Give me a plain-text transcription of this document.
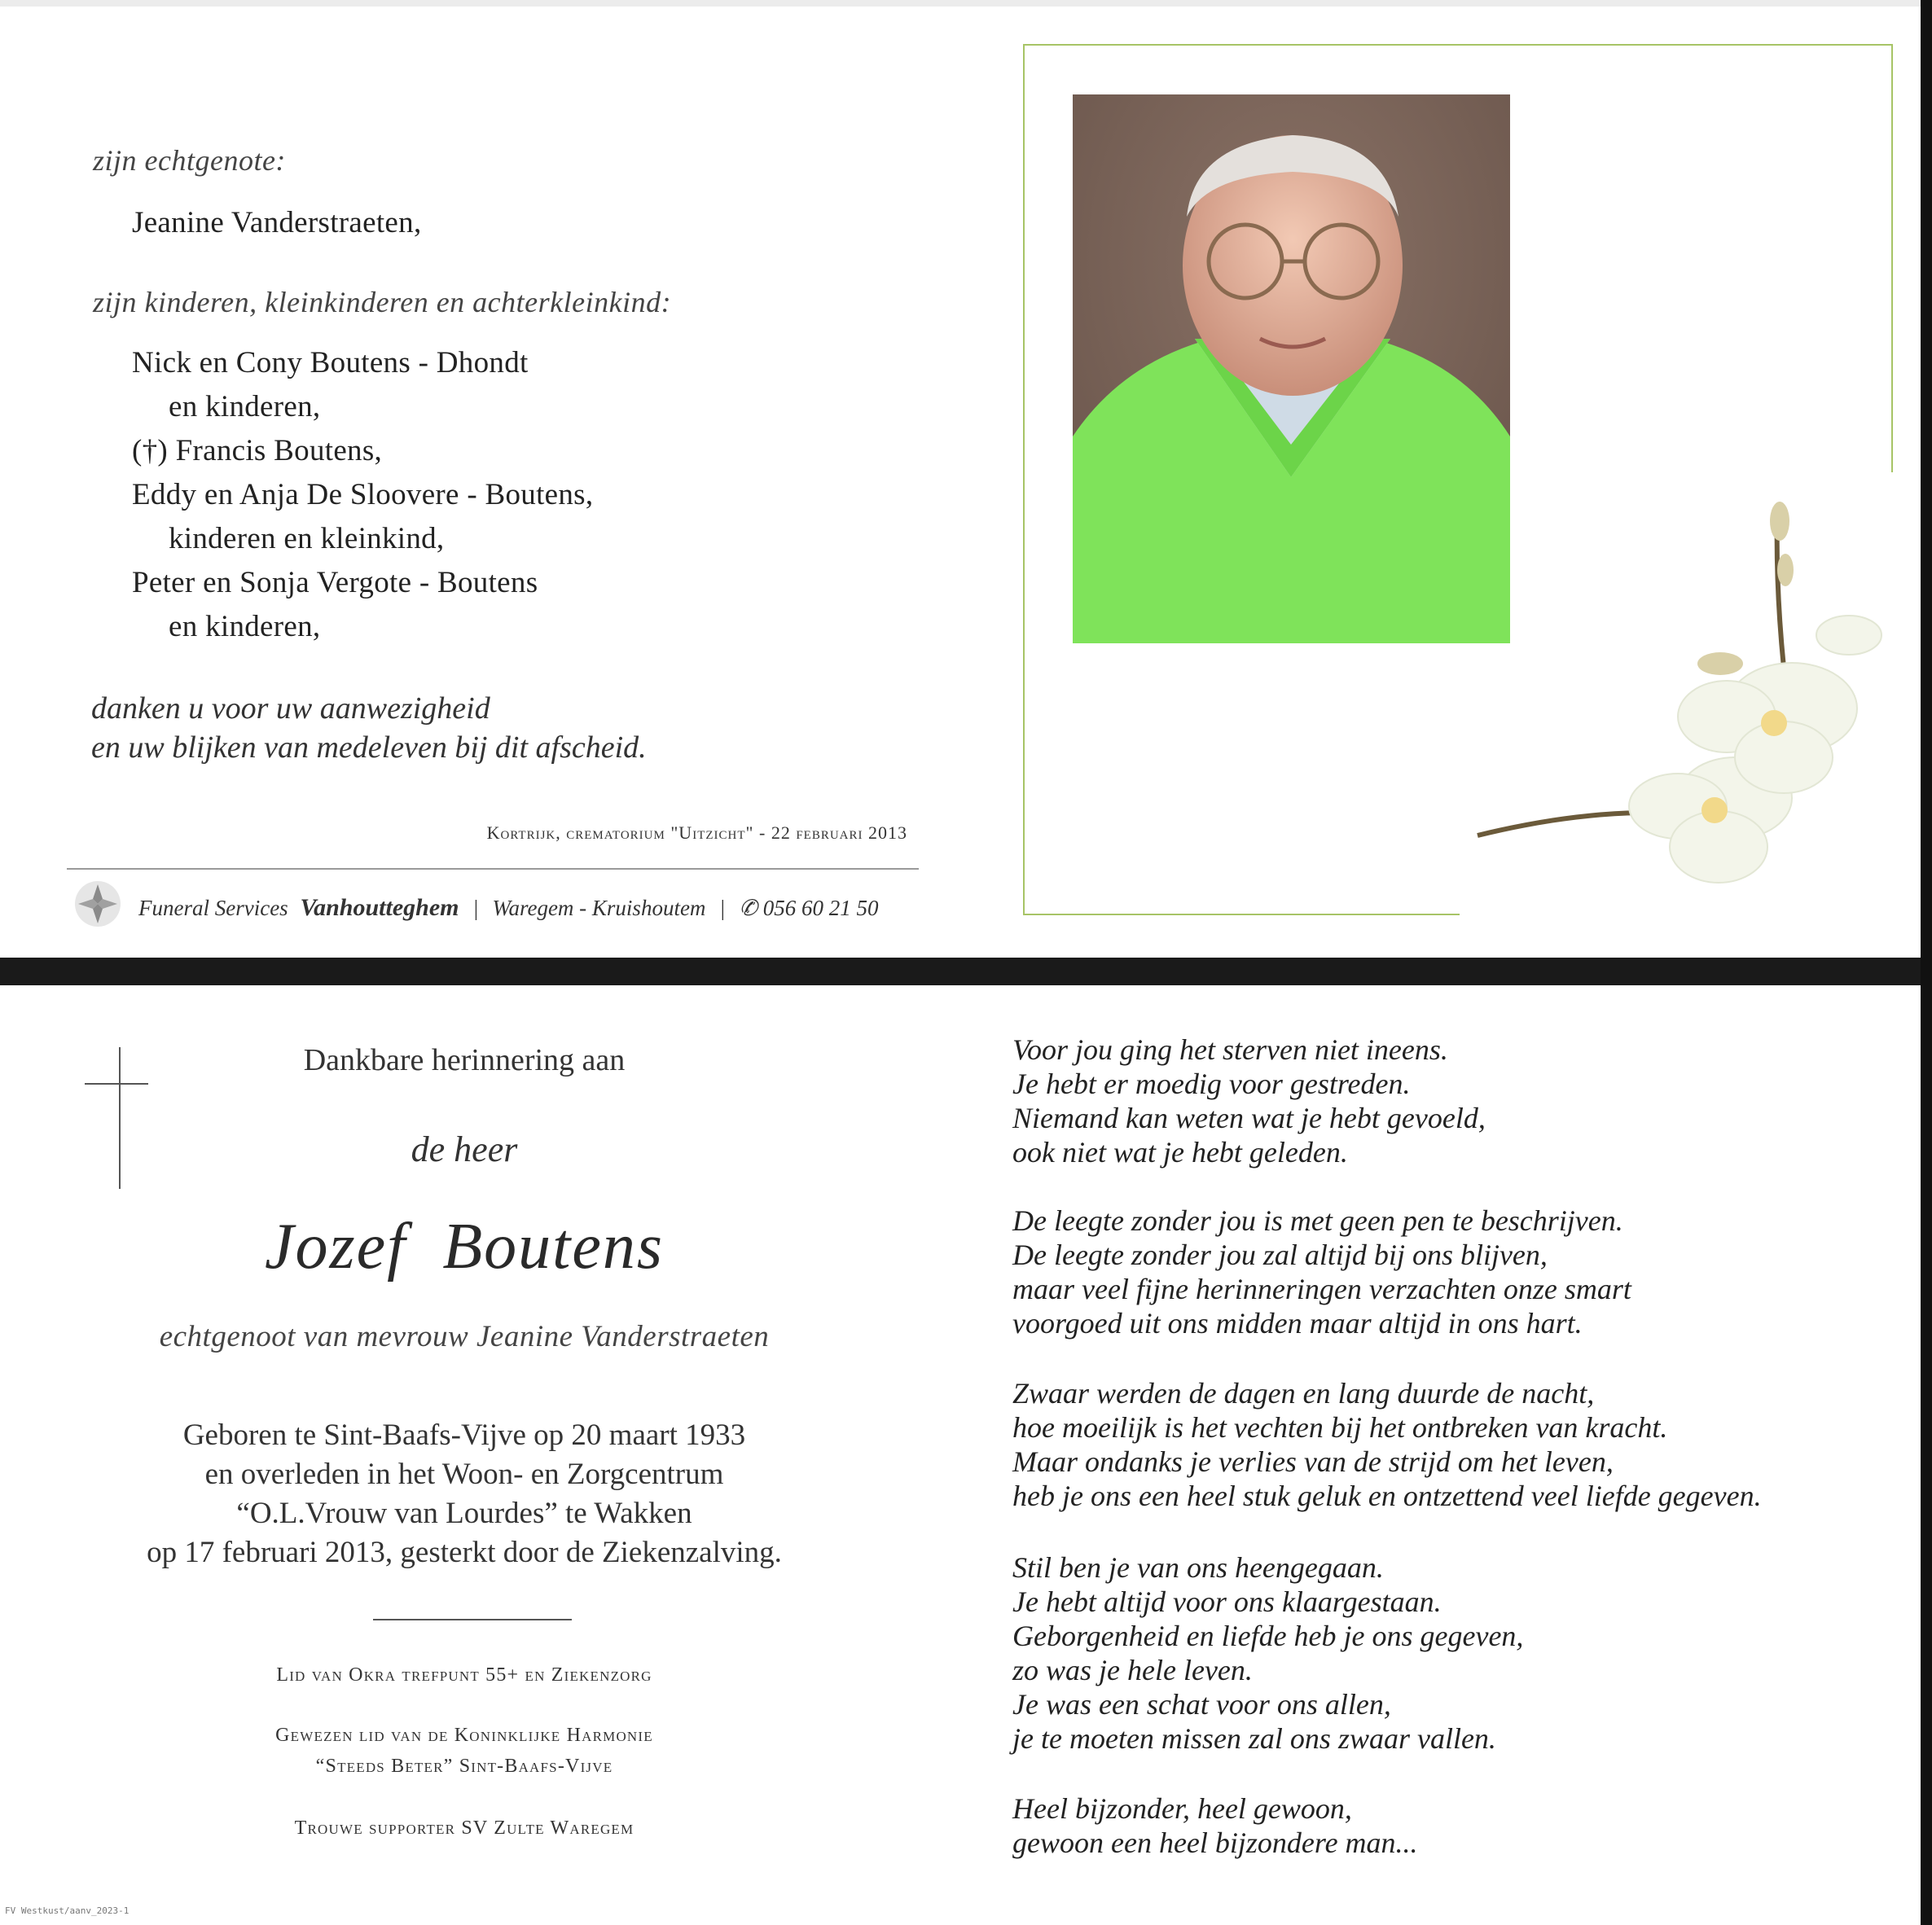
zijn echtgenote:
Jeanine Vanderstraeten,
zijn kinderen, kleinkinderen en achterkleinkind:
Nick en Cony Boutens - Dhondt
en kinderen,
(†) Francis Boutens,
Eddy en Anja De Sloovere - Boutens,
kinderen en kleinkind,
Peter en Sonja Vergote - Boutens
en kinderen,
danken u voor uw aanwezigheid
en uw blijken van medeleven bij dit afscheid.
Kortrijk, crematorium "Uitzicht" - 22 februari 2013
Funeral Services Vanhoutteghem | Waregem - Kruishoutem | ✆ 056 60 21 50
Dankbare herinnering aan
de heer
Jozef  Boutens
echtgenoot van mevrouw Jeanine Vanderstraeten
Geboren te Sint-Baafs-Vijve op 20 maart 1933
en overleden in het Woon- en Zorgcentrum
“O.L.Vrouw van Lourdes” te Wakken
op 17 februari 2013, gesterkt door de Ziekenzalving.
Lid van Okra trefpunt 55+ en Ziekenzorg
Gewezen lid van de Koninklijke Harmonie
“Steeds Beter” Sint-Baafs-Vijve
Trouwe supporter SV Zulte Waregem
Voor jou ging het sterven niet ineens.
Je hebt er moedig voor gestreden.
Niemand kan weten wat je hebt gevoeld,
ook niet wat je hebt geleden.
De leegte zonder jou is met geen pen te beschrijven.
De leegte zonder jou zal altijd bij ons blijven,
maar veel fijne herinneringen verzachten onze smart
voorgoed uit ons midden maar altijd in ons hart.
Zwaar werden de dagen en lang duurde de nacht,
hoe moeilijk is het vechten bij het ontbreken van kracht.
Maar ondanks je verlies van de strijd om het leven,
heb je ons een heel stuk geluk en ontzettend veel liefde gegeven.
Stil ben je van ons heengegaan.
Je hebt altijd voor ons klaargestaan.
Geborgenheid en liefde heb je ons gegeven,
zo was je hele leven.
Je was een schat voor ons allen,
je te moeten missen zal ons zwaar vallen.
Heel bijzonder, heel gewoon,
gewoon een heel bijzondere man...
FV Westkust/aanv_2023-1
